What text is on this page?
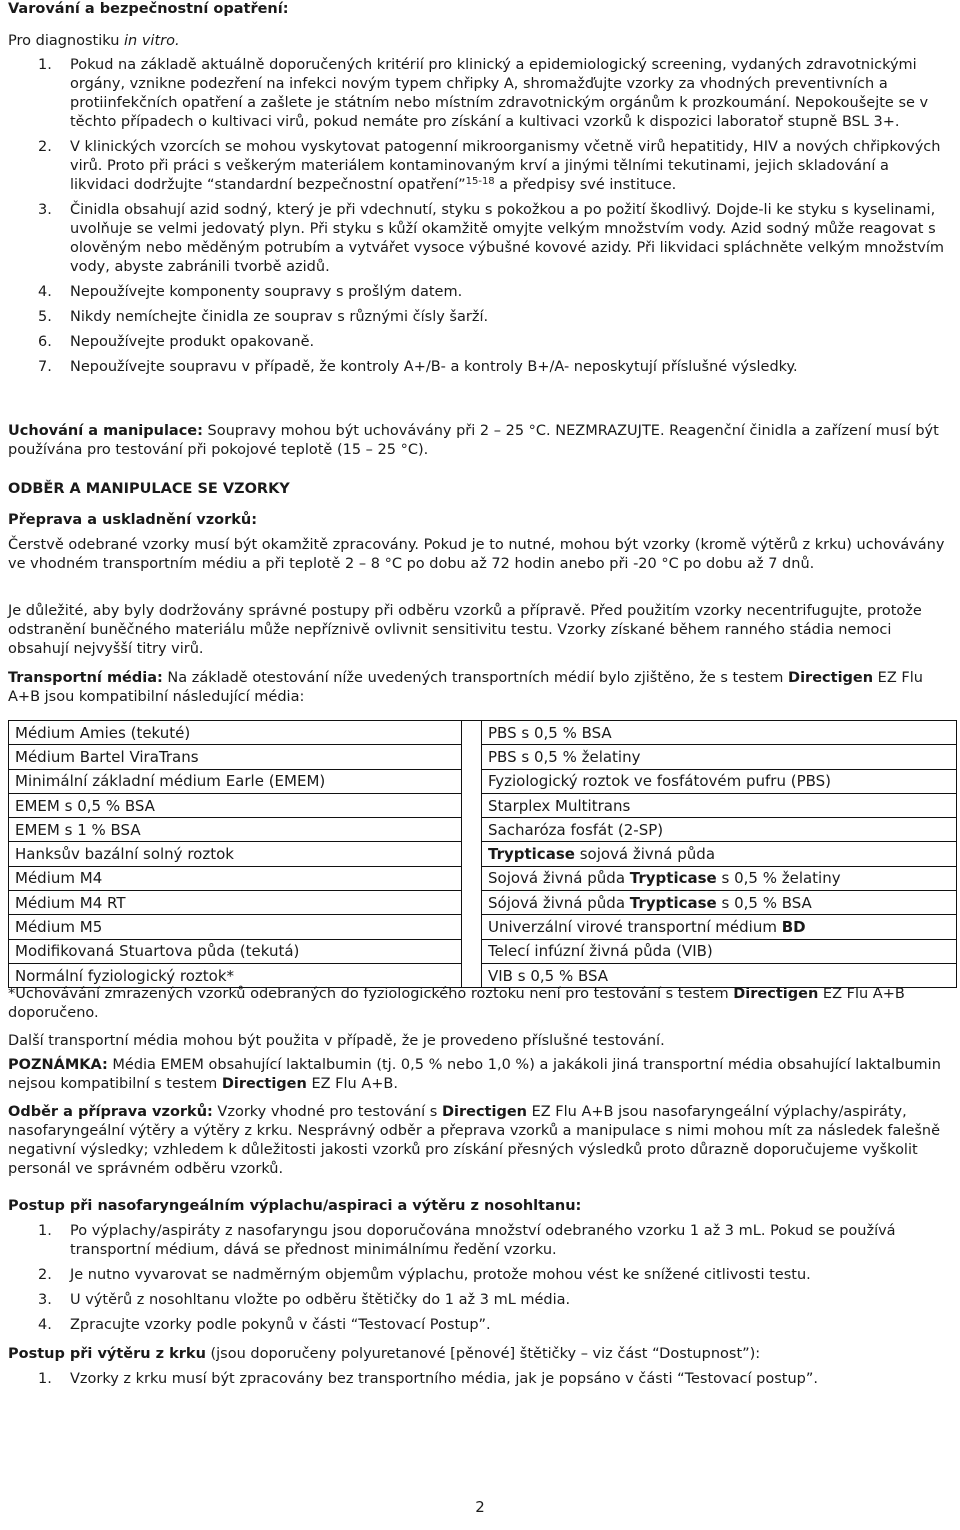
Varování a bezpečnostní opatření:

Pro diagnostiku in vitro.

1. Pokud na základě aktuálně doporučených kritérií pro klinický a epidemiologický screening, vydaných zdravotnickými orgány, vznikne podezření na infekci novým typem chřipky A, shromažďujte vzorky za vhodných preventivních a protiinfekčních opatření a zašlete je státním nebo místním zdravotnickým orgánům k prozkoumání. Nepokoušejte se v těchto případech o kultivaci virů, pokud nemáte pro získání a kultivaci vzorků k dispozici laboratoř stupně BSL 3+.
2. V klinických vzorcích se mohou vyskytovat patogenní mikroorganismy včetně virů hepatitidy, HIV a nových chřipkových virů. Proto při práci s veškerým materiálem kontaminovaným krví a jinými tělními tekutinami, jejich skladování a likvidaci dodržujte “standardní bezpečnostní opatření”$^{15-18}$ a předpisy své instituce.
3. Činidla obsahují azid sodný, který je při vdechnutí, styku s pokožkou a po požití škodlivý. Dojde-li ke styku s kyselinami, uvolňuje se velmi jedovatý plyn. Při styku s kůží okamžitě omyjte velkým množstvím vody. Azid sodný může reagovat s olověným nebo měděným potrubím a vytvářet vysoce výbušné kovové azidy. Při likvidaci spláchněte velkým množstvím vody, abyste zabránili tvorbě azidů.
4. Nepoužívejte komponenty soupravy s prošlým datem.
5. Nikdy nemíchejte činidla ze souprav s různými čísly šarží.
6. Nepoužívejte produkt opakovaně.
7. Nepoužívejte soupravu v případě, že kontroly A+/B- a kontroly B+/A- neposkytují příslušné výsledky.

Uchování a manipulace: Soupravy mohou být uchovávány při 2 – 25 °C. NEZMRAZUJTE. Reagenční činidla a zařízení musí být používána pro testování při pokojové teplotě (15 – 25 °C).

ODBĚR A MANIPULACE SE VZORKY

Přeprava a uskladnění vzorků:

Čerstvě odebrané vzorky musí být okamžitě zpracovány. Pokud je to nutné, mohou být vzorky (kromě výtěrů z krku) uchovávány ve vhodném transportním médiu a při teplotě 2 – 8 °C po dobu až 72 hodin anebo při -20 °C po dobu až 7 dnů.

Je důležité, aby byly dodržovány správné postupy při odběru vzorků a přípravě. Před použitím vzorky necentrifugujte, protože odstranění buněčného materiálu může nepříznivě ovlivnit sensitivitu testu. Vzorky získané během ranného stádia nemoci obsahují nejvyšší titry virů.

Transportní média: Na základě otestování níže uvedených transportních médií bylo zjištěno, že s testem Directigen EZ Flu A+B jsou kompatibilní následující média:

Médium Amies (tekuté)		PBS s 0,5 % BSA
Médium Bartel ViraTrans		PBS s 0,5 % želatiny
Minimální základní médium Earle (EMEM)		Fyziologický roztok ve fosfátovém pufru (PBS)
EMEM s 0,5 % BSA		Starplex Multitrans
EMEM s 1 % BSA		Sacharóza fosfát (2-SP)
Hanksův bazální solný roztok		Trypticase sojová živná půda
Médium M4		Sojová živná půda Trypticase s 0,5 % želatiny
Médium M4 RT		Sójová živná půda Trypticase s 0,5 % BSA
Médium M5		Univerzální virové transportní médium BD
Modifikovaná Stuartova půda (tekutá)		Telecí infúzní živná půda (VIB)
Normální fyziologický roztok*		VIB s 0,5 % BSA

*Uchovávání zmrazených vzorků odebraných do fyziologického roztoku není pro testování s testem Directigen EZ Flu A+B doporučeno.

Další transportní média mohou být použita v případě, že je provedeno příslušné testování.

POZNÁMKA: Média EMEM obsahující laktalbumin (tj. 0,5 % nebo 1,0 %) a jakákoli jiná transportní média obsahující laktalbumin nejsou kompatibilní s testem Directigen EZ Flu A+B.

Odběr a příprava vzorků: Vzorky vhodné pro testování s Directigen EZ Flu A+B jsou nasofaryngeální výplachy/aspiráty, nasofaryngeální výtěry a výtěry z krku. Nesprávný odběr a přeprava vzorků a manipulace s nimi mohou mít za následek falešně negativní výsledky; vzhledem k důležitosti jakosti vzorků pro získání přesných výsledků proto důrazně doporučujeme vyškolit personál ve správném odběru vzorků.

Postup při nasofaryngeálním výplachu/aspiraci a výtěru z nosohltanu:

1. Po výplachy/aspiráty z nasofaryngu jsou doporučována množství odebraného vzorku 1 až 3 mL. Pokud se používá transportní médium, dává se přednost minimálnímu ředění vzorku.
2. Je nutno vyvarovat se nadměrným objemům výplachu, protože mohou vést ke snížené citlivosti testu.
3. U výtěrů z nosohltanu vložte po odběru štětičky do 1 až 3 mL média.
4. Zpracujte vzorky podle pokynů v části “Testovací Postup”.

Postup při výtěru z krku (jsou doporučeny polyuretanové [pěnové] štětičky – viz část “Dostupnost”):

1. Vzorky z krku musí být zpracovány bez transportního média, jak je popsáno v části “Testovací postup”.
2
